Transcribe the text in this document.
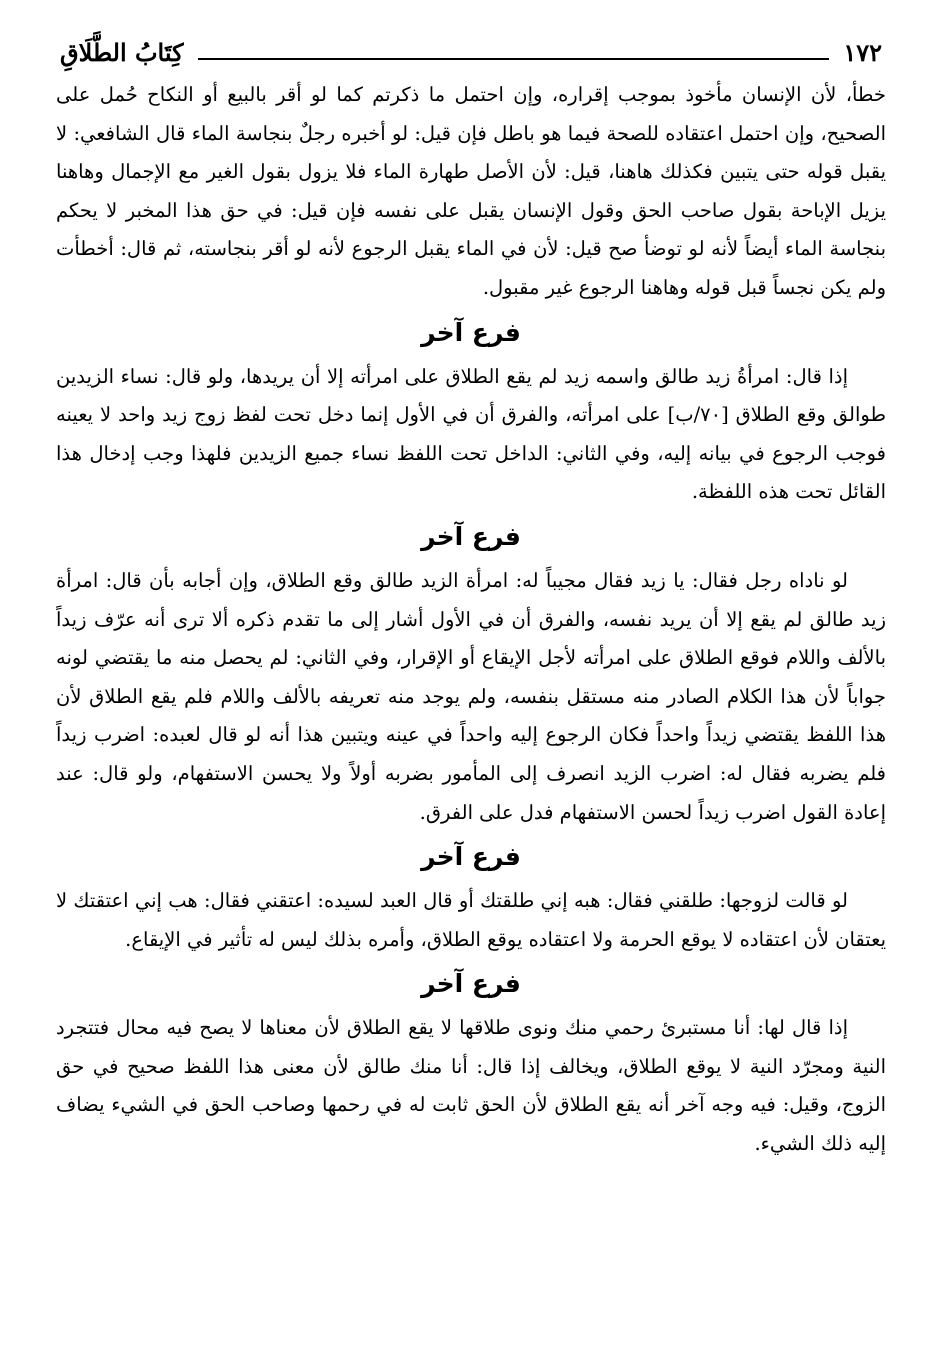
١٧٢
كِتَابُ الطَّلَاقِ

خطأ، لأن الإنسان مأخوذ بموجب إقراره، وإن احتمل ما ذكرتم كما لو أقر بالبيع أو النكاح حُمل على الصحيح، وإن احتمل اعتقاده للصحة فيما هو باطل فإن قيل: لو أخبره رجلٌ بنجاسة الماء قال الشافعي: لا يقبل قوله حتى يتبين فكذلك هاهنا، قيل: لأن الأصل طهارة الماء فلا يزول بقول الغير مع الإجمال وهاهنا يزيل الإباحة بقول صاحب الحق وقول الإنسان يقبل على نفسه فإن قيل: في حق هذا المخبر لا يحكم بنجاسة الماء أيضاً لأنه لو توضأ صح قيل: لأن في الماء يقبل الرجوع لأنه لو أقر بنجاسته، ثم قال: أخطأت ولم يكن نجساً قبل قوله وهاهنا الرجوع غير مقبول.

فرع آخر

إذا قال: امرأةُ زيد طالق واسمه زيد لم يقع الطلاق على امرأته إلا أن يريدها، ولو قال: نساء الزيدين طوالق وقع الطلاق [٧٠/ب] على امرأته، والفرق أن في الأول إنما دخل تحت لفظ زوج زيد واحد لا يعينه فوجب الرجوع في بيانه إليه، وفي الثاني: الداخل تحت اللفظ نساء جميع الزيدين فلهذا وجب إدخال هذا القائل تحت هذه اللفظة.

فرع آخر

لو ناداه رجل فقال: يا زيد فقال مجيباً له: امرأة الزيد طالق وقع الطلاق، وإن أجابه بأن قال: امرأة زيد طالق لم يقع إلا أن يريد نفسه، والفرق أن في الأول أشار إلى ما تقدم ذكره ألا ترى أنه عرّف زيداً بالألف واللام فوقع الطلاق على امرأته لأجل الإيقاع أو الإقرار، وفي الثاني: لم يحصل منه ما يقتضي لونه جواباً لأن هذا الكلام الصادر منه مستقل بنفسه، ولم يوجد منه تعريفه بالألف واللام فلم يقع الطلاق لأن هذا اللفظ يقتضي زيداً واحداً فكان الرجوع إليه واحداً في عينه ويتبين هذا أنه لو قال لعبده: اضرب زيداً فلم يضربه فقال له: اضرب الزيد انصرف إلى المأمور بضربه أولاً ولا يحسن الاستفهام، ولو قال: عند إعادة القول اضرب زيداً لحسن الاستفهام فدل على الفرق.

فرع آخر

لو قالت لزوجها: طلقني فقال: هبه إني طلقتك أو قال العبد لسيده: اعتقني فقال: هب إني اعتقتك لا يعتقان لأن اعتقاده لا يوقع الحرمة ولا اعتقاده يوقع الطلاق، وأمره بذلك ليس له تأثير في الإيقاع.

فرع آخر

إذا قال لها: أنا مستبرئ رحمي منك ونوى طلاقها لا يقع الطلاق لأن معناها لا يصح فيه محال فتتجرد النية ومجرّد النية لا يوقع الطلاق، ويخالف إذا قال: أنا منك طالق لأن معنى هذا اللفظ صحيح في حق الزوج، وقيل: فيه وجه آخر أنه يقع الطلاق لأن الحق ثابت له في رحمها وصاحب الحق في الشيء يضاف إليه ذلك الشيء.
